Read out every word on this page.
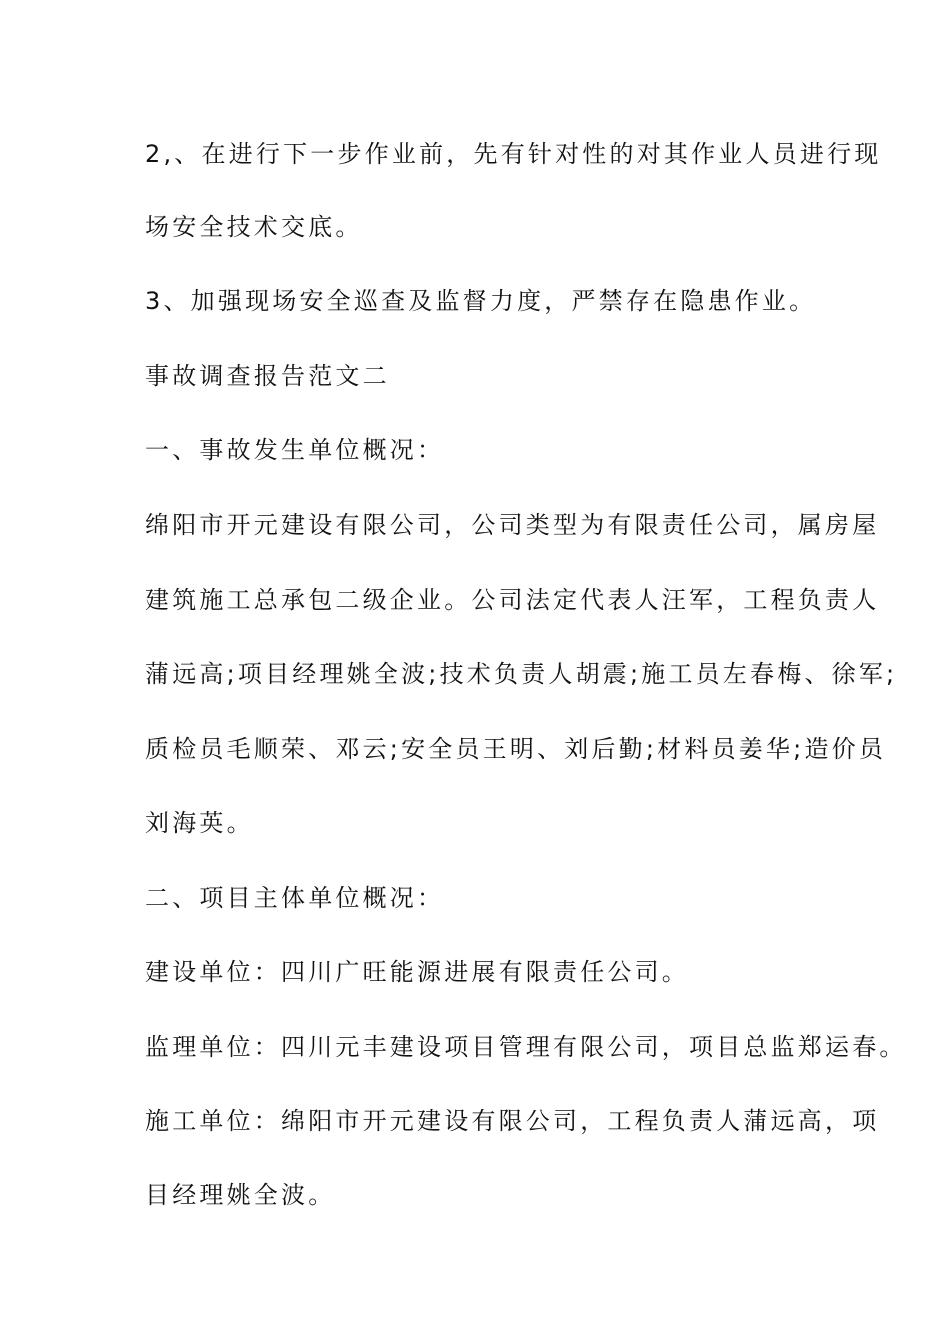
2,、在进行下一步作业前，先有针对性的对其作业人员进行现
场安全技术交底。
3、加强现场安全巡查及监督力度，严禁存在隐患作业。
事故调查报告范文二
一、事故发生单位概况：
绵阳市开元建设有限公司，公司类型为有限责任公司，属房屋
建筑施工总承包二级企业。公司法定代表人汪军，工程负责人
蒲远高;项目经理姚全波;技术负责人胡震;施工员左春梅、徐军;
质检员毛顺荣、邓云;安全员王明、刘后勤;材料员姜华;造价员
刘海英。
二、项目主体单位概况：
建设单位：四川广旺能源进展有限责任公司。
监理单位：四川元丰建设项目管理有限公司，项目总监郑运春。
施工单位：绵阳市开元建设有限公司，工程负责人蒲远高，项
目经理姚全波。
